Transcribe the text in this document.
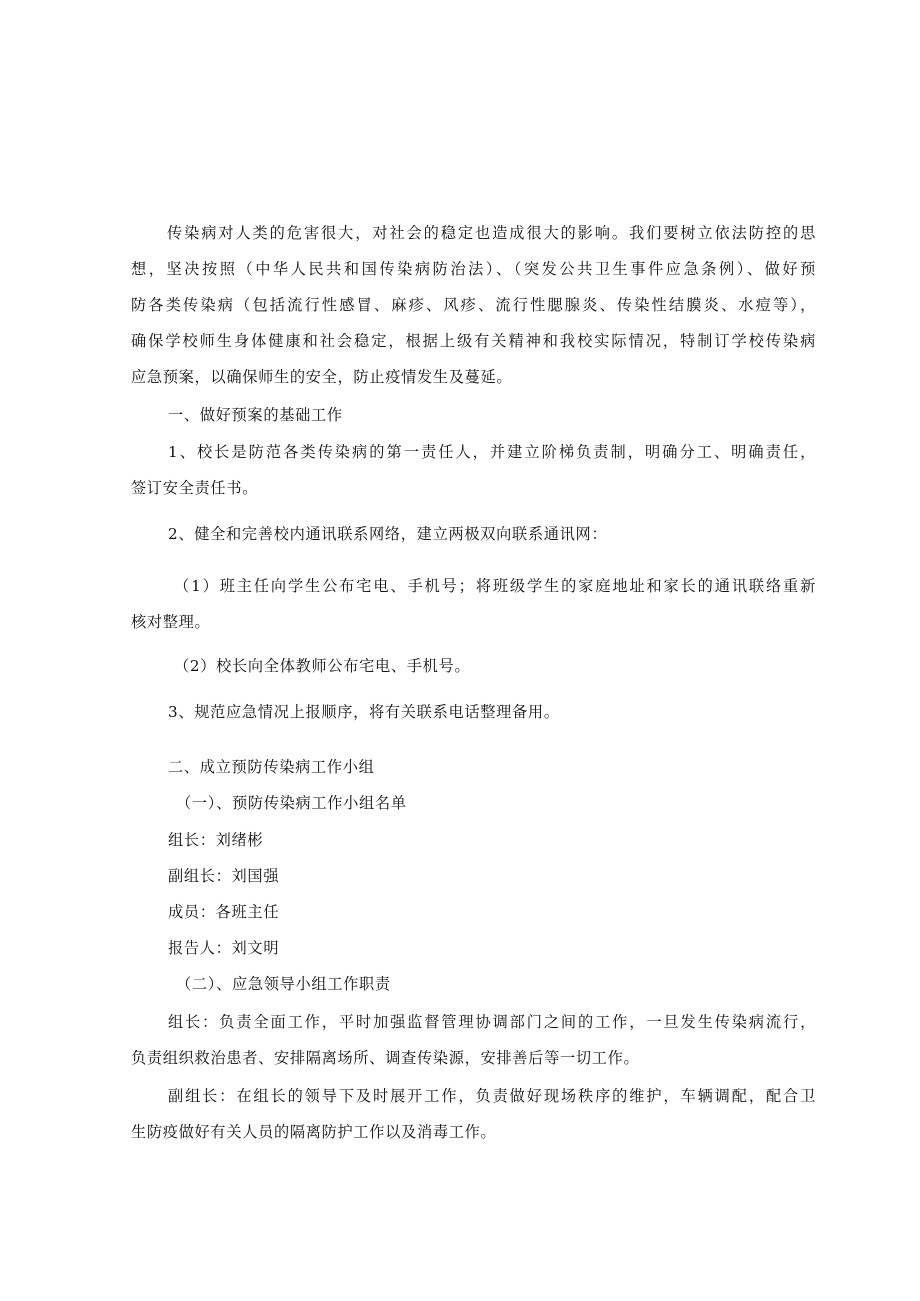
传染病对人类的危害很大，对社会的稳定也造成很大的影响。我们要树立依法防控的思
想，坚决按照（中华人民共和国传染病防治法）、（突发公共卫生事件应急条例）、做好预
防各类传染病（包括流行性感冒、麻疹、风疹、流行性腮腺炎、传染性结膜炎、水痘等），
确保学校师生身体健康和社会稳定，根据上级有关精神和我校实际情况，特制订学校传染病
应急预案，以确保师生的安全，防止疫情发生及蔓延。

一、做好预案的基础工作

1、校长是防范各类传染病的第一责任人，并建立阶梯负责制，明确分工、明确责任，

签订安全责任书。

2、健全和完善校内通讯联系网络，建立两极双向联系通讯网：

（1）班主任向学生公布宅电、手机号；将班级学生的家庭地址和家长的通讯联络重新

核对整理。

（2）校长向全体教师公布宅电、手机号。

3、规范应急情况上报顺序，将有关联系电话整理备用。

二、成立预防传染病工作小组

（一）、预防传染病工作小组名单

组长：刘绪彬

副组长：刘国强

成员：各班主任

报告人：刘文明

（二）、应急领导小组工作职责

组长：负责全面工作，平时加强监督管理协调部门之间的工作，一旦发生传染病流行，

负责组织救治患者、安排隔离场所、调查传染源，安排善后等一切工作。

副组长：在组长的领导下及时展开工作，负责做好现场秩序的维护，车辆调配，配合卫

生防疫做好有关人员的隔离防护工作以及消毒工作。
